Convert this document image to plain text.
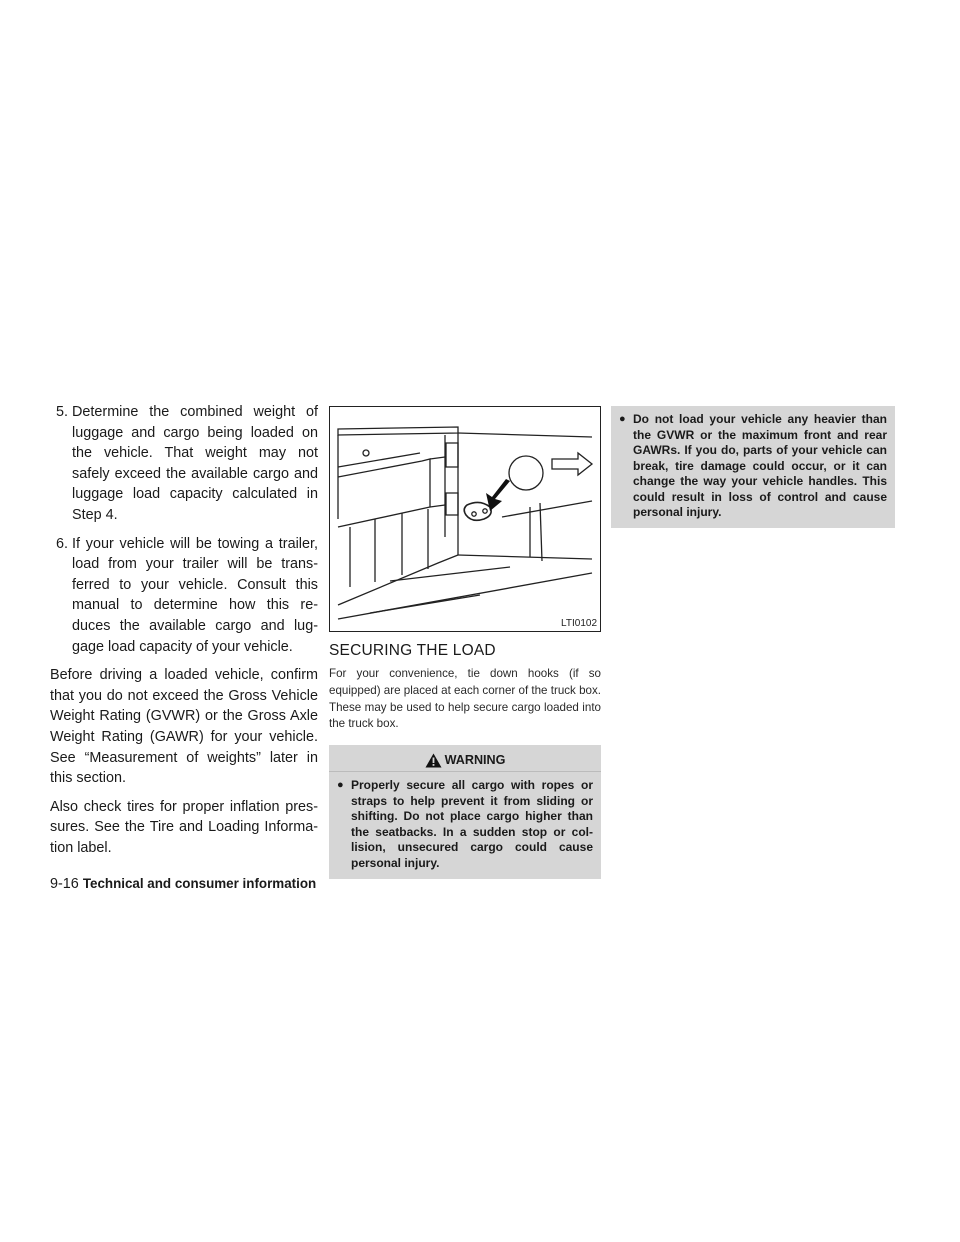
5. Determine the combined weight of luggage and cargo being loaded on the vehicle. That weight may not safely exceed the available cargo and luggage load capacity calculated in Step 4.
6. If your vehicle will be towing a trailer, load from your trailer will be trans-ferred to your vehicle. Consult this manual to determine how this re-duces the available cargo and lug-gage load capacity of your vehicle.

Before driving a loaded vehicle, confirm that you do not exceed the Gross Vehicle Weight Rating (GVWR) or the Gross Axle Weight Rating (GAWR) for your vehicle. See “Measurement of weights” later in this section.

Also check tires for proper inflation pres-sures. See the Tire and Loading Informa-tion label.

LTI0102
SECURING THE LOAD

For your convenience, tie down hooks (if so equipped) are placed at each corner of the truck box. These may be used to help secure cargo loaded into the truck box.

WARNING
● Properly secure all cargo with ropes or straps to help prevent it from sliding or shifting. Do not place cargo higher than the seatbacks. In a sudden stop or col-lision, unsecured cargo could cause personal injury.
● Do not load your vehicle any heavier than the GVWR or the maximum front and rear GAWRs. If you do, parts of your vehicle can break, tire damage could occur, or it can change the way your vehicle handles. This could result in loss of control and cause personal injury.
9-16 Technical and consumer information
